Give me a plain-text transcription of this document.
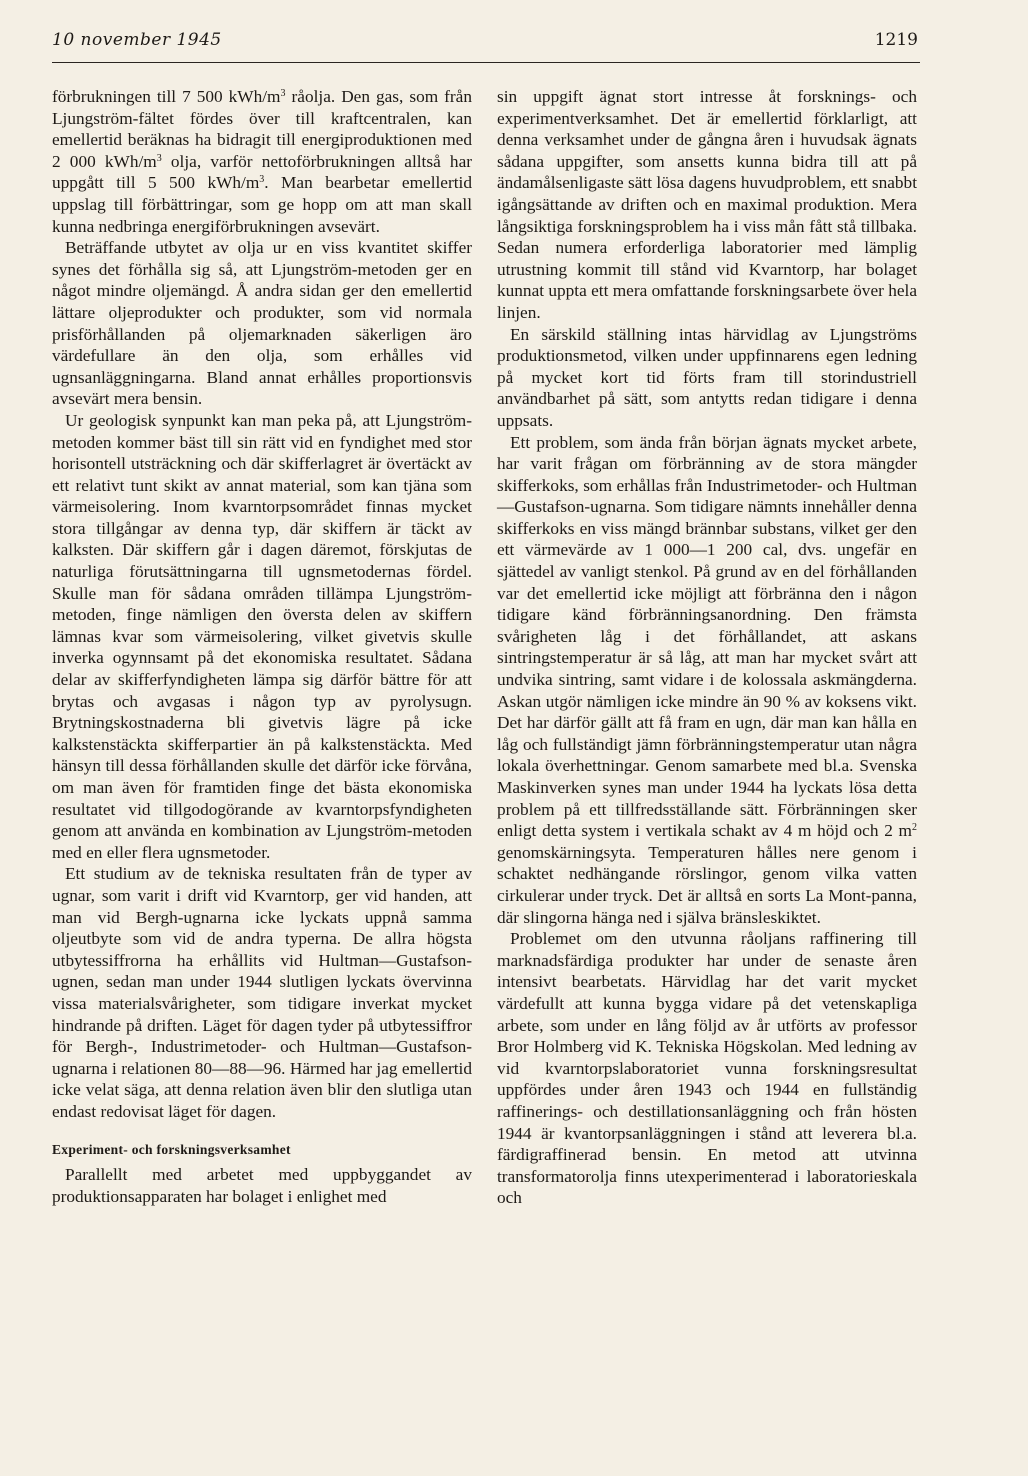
10 november 1945	1219

förbrukningen till 7 500 kWh/$m^3$ råolja. Den gas, som från Ljungström-fältet fördes över till kraftcentralen, kan emellertid beräknas ha bidragit till energiproduktionen med 2 000 kWh/$m^3$ olja, varför nettoförbrukningen alltså har uppgått till 5 500 kWh/$m^3$. Man bearbetar emellertid uppslag till förbättringar, som ge hopp om att man skall kunna nedbringa energiförbrukningen avsevärt.

Beträffande utbytet av olja ur en viss kvantitet skiffer synes det förhålla sig så, att Ljungström-metoden ger en något mindre oljemängd. Å andra sidan ger den emellertid lättare oljeprodukter och produkter, som vid normala prisförhållanden på oljemarknaden säkerligen äro värdefullare än den olja, som erhålles vid ugnsanläggningarna. Bland annat erhålles proportionsvis avsevärt mera bensin.

Ur geologisk synpunkt kan man peka på, att Ljungström-metoden kommer bäst till sin rätt vid en fyndighet med stor horisontell utsträckning och där skifferlagret är övertäckt av ett relativt tunt skikt av annat material, som kan tjäna som värmeisolering. Inom kvarntorpsområdet finnas mycket stora tillgångar av denna typ, där skiffern är täckt av kalksten. Där skiffern går i dagen däremot, förskjutas de naturliga förutsättningarna till ugnsmetodernas fördel. Skulle man för sådana områden tillämpa Ljungström-metoden, finge nämligen den översta delen av skiffern lämnas kvar som värmeisolering, vilket givetvis skulle inverka ogynnsamt på det ekonomiska resultatet. Sådana delar av skifferfyndigheten lämpa sig därför bättre för att brytas och avgasas i någon typ av pyrolysugn. Brytningskostnaderna bli givetvis lägre på icke kalkstenstäckta skifferpartier än på kalkstenstäckta. Med hänsyn till dessa förhållanden skulle det därför icke förvåna, om man även för framtiden finge det bästa ekonomiska resultatet vid tillgodogörande av kvarntorpsfyndigheten genom att använda en kombination av Ljungström-metoden med en eller flera ugnsmetoder.

Ett studium av de tekniska resultaten från de typer av ugnar, som varit i drift vid Kvarntorp, ger vid handen, att man vid Bergh-ugnarna icke lyckats uppnå samma oljeutbyte som vid de andra typerna. De allra högsta utbytessiffrorna ha erhållits vid Hultman—Gustafson-ugnen, sedan man under 1944 slutligen lyckats övervinna vissa materialsvårigheter, som tidigare inverkat mycket hindrande på driften. Läget för dagen tyder på utbytessiffror för Bergh-, Industrimetoder- och Hultman—Gustafson-ugnarna i relationen 80—88—96. Härmed har jag emellertid icke velat säga, att denna relation även blir den slutliga utan endast redovisat läget för dagen.

Experiment- och forskningsverksamhet

Parallellt med arbetet med uppbyggandet av produktionsapparaten har bolaget i enlighet med

sin uppgift ägnat stort intresse åt forsknings- och experimentverksamhet. Det är emellertid förklarligt, att denna verksamhet under de gångna åren i huvudsak ägnats sådana uppgifter, som ansetts kunna bidra till att på ändamålsenligaste sätt lösa dagens huvudproblem, ett snabbt igångsättande av driften och en maximal produktion. Mera långsiktiga forskningsproblem ha i viss mån fått stå tillbaka. Sedan numera erforderliga laboratorier med lämplig utrustning kommit till stånd vid Kvarntorp, har bolaget kunnat uppta ett mera omfattande forskningsarbete över hela linjen.

En särskild ställning intas härvidlag av Ljungströms produktionsmetod, vilken under uppfinnarens egen ledning på mycket kort tid förts fram till storindustriell användbarhet på sätt, som antytts redan tidigare i denna uppsats.

Ett problem, som ända från början ägnats mycket arbete, har varit frågan om förbränning av de stora mängder skifferkoks, som erhållas från Industrimetoder- och Hultman—Gustafson-ugnarna. Som tidigare nämnts innehåller denna skifferkoks en viss mängd brännbar substans, vilket ger den ett värmevärde av 1 000—1 200 cal, dvs. ungefär en sjättedel av vanligt stenkol. På grund av en del förhållanden var det emellertid icke möjligt att förbränna den i någon tidigare känd förbränningsanordning. Den främsta svårigheten låg i det förhållandet, att askans sintringstemperatur är så låg, att man har mycket svårt att undvika sintring, samt vidare i de kolossala askmängderna. Askan utgör nämligen icke mindre än 90 % av koksens vikt. Det har därför gällt att få fram en ugn, där man kan hålla en låg och fullständigt jämn förbränningstemperatur utan några lokala överhettningar. Genom samarbete med bl.a. Svenska Maskinverken synes man under 1944 ha lyckats lösa detta problem på ett tillfredsställande sätt. Förbränningen sker enligt detta system i vertikala schakt av 4 m höjd och 2 $m^2$ genomskärningsyta. Temperaturen hålles nere genom i schaktet nedhängande rörslingor, genom vilka vatten cirkulerar under tryck. Det är alltså en sorts La Mont-panna, där slingorna hänga ned i själva bränsleskiktet.

Problemet om den utvunna råoljans raffinering till marknadsfärdiga produkter har under de senaste åren intensivt bearbetats. Härvidlag har det varit mycket värdefullt att kunna bygga vidare på det vetenskapliga arbete, som under en lång följd av år utförts av professor Bror Holmberg vid K. Tekniska Högskolan. Med ledning av vid kvarntorpslaboratoriet vunna forskningsresultat uppfördes under åren 1943 och 1944 en fullständig raffinerings- och destillationsanläggning och från hösten 1944 är kvantorpsanläggningen i stånd att leverera bl.a. färdigraffinerad bensin. En metod att utvinna transformatorolja finns utexperimenterad i laboratorieskala och
